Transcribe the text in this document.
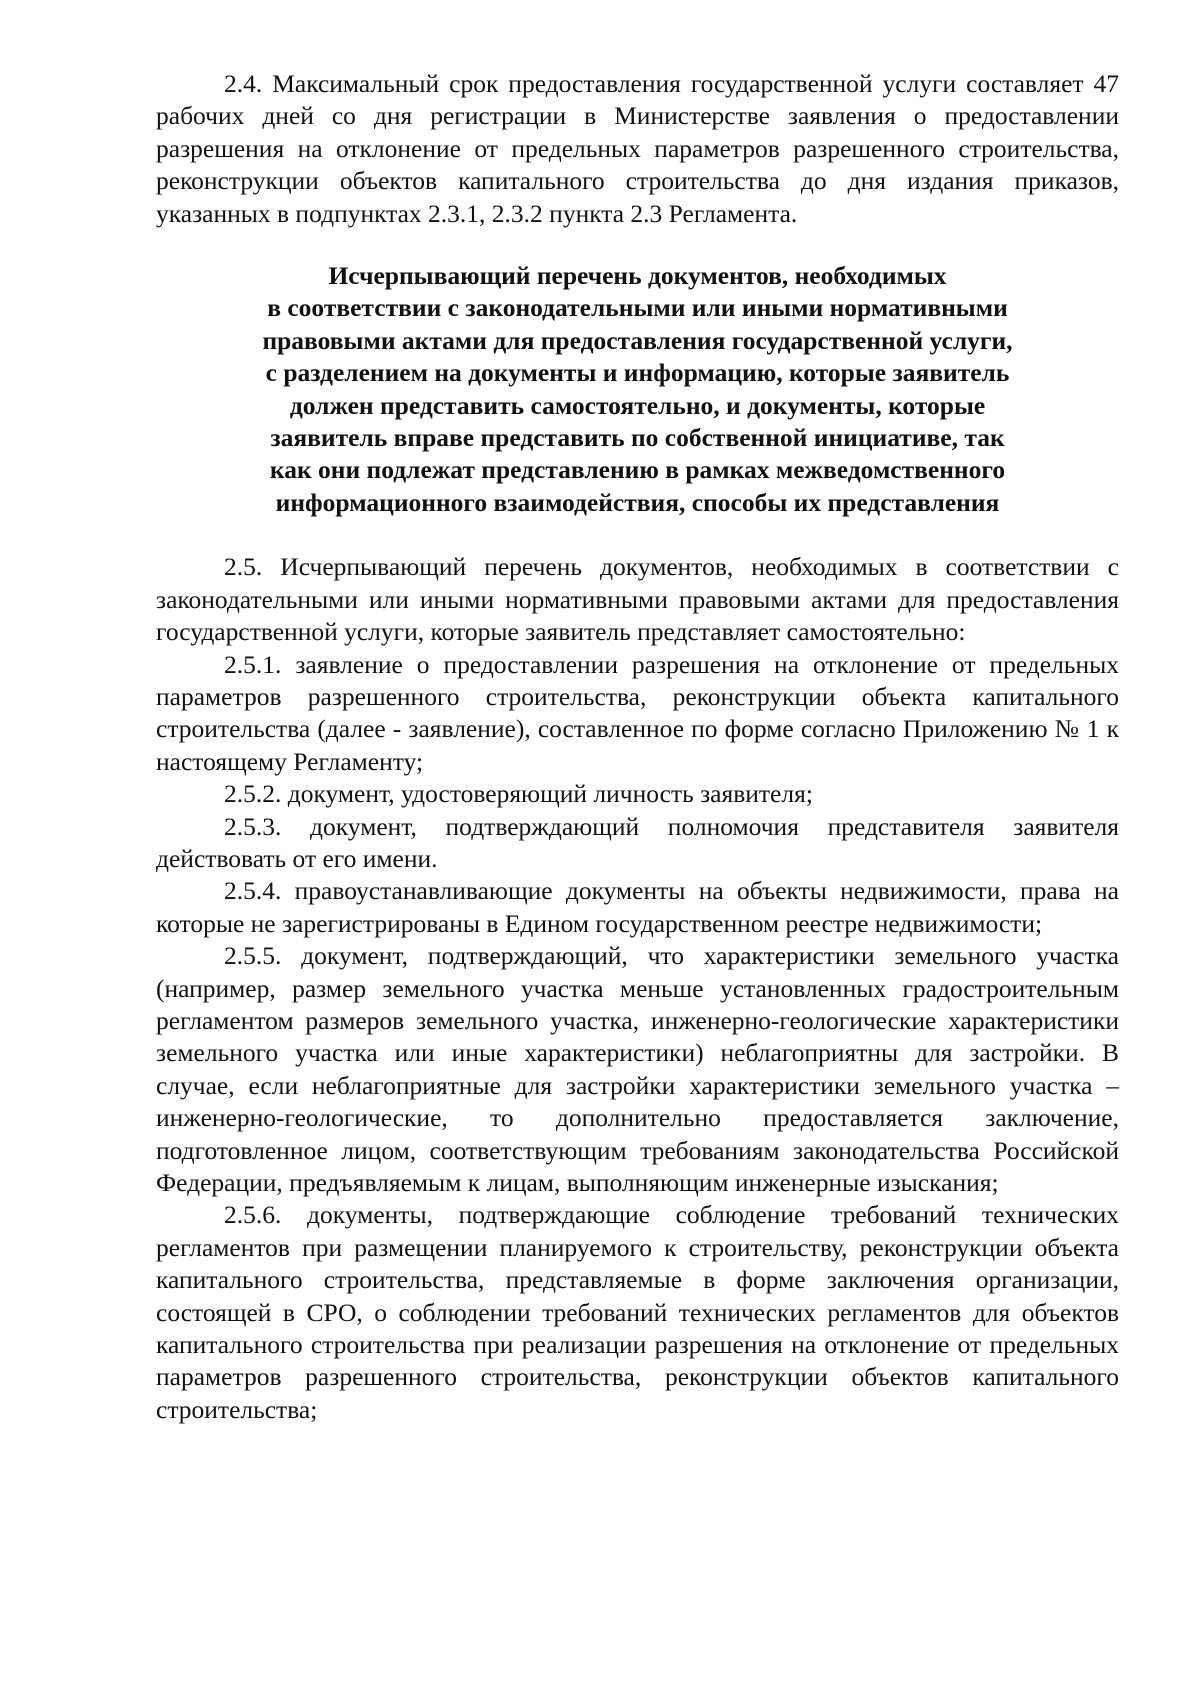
2.4. Максимальный срок предоставления государственной услуги составляет 47 рабочих дней со дня регистрации в Министерстве заявления о предоставлении разрешения на отклонение от предельных параметров разрешенного строительства, реконструкции объектов капитального строительства до дня издания приказов, указанных в подпунктах 2.3.1, 2.3.2 пункта 2.3 Регламента.

Исчерпывающий перечень документов, необходимых
в соответствии с законодательными или иными нормативными
правовыми актами для предоставления государственной услуги,
с разделением на документы и информацию, которые заявитель
должен представить самостоятельно, и документы, которые
заявитель вправе представить по собственной инициативе, так
как они подлежат представлению в рамках межведомственного
информационного взаимодействия, способы их представления

2.5. Исчерпывающий перечень документов, необходимых в соответствии с законодательными или иными нормативными правовыми актами для предоставления государственной услуги, которые заявитель представляет самостоятельно:

2.5.1. заявление о предоставлении разрешения на отклонение от предельных параметров разрешенного строительства, реконструкции объекта капитального строительства (далее - заявление), составленное по форме согласно Приложению № 1 к настоящему Регламенту;

2.5.2. документ, удостоверяющий личность заявителя;

2.5.3. документ, подтверждающий полномочия представителя заявителя действовать от его имени.

2.5.4. правоустанавливающие документы на объекты недвижимости, права на которые не зарегистрированы в Едином государственном реестре недвижимости;

2.5.5. документ, подтверждающий, что характеристики земельного участка (например, размер земельного участка меньше установленных градостроительным регламентом размеров земельного участка, инженерно-геологические характеристики земельного участка или иные характеристики) неблагоприятны для застройки. В случае, если неблагоприятные для застройки характеристики земельного участка – инженерно-геологические, то дополнительно предоставляется заключение, подготовленное лицом, соответствующим требованиям законодательства Российской Федерации, предъявляемым к лицам, выполняющим инженерные изыскания;

2.5.6. документы, подтверждающие соблюдение требований технических регламентов при размещении планируемого к строительству, реконструкции объекта капитального строительства, представляемые в форме заключения организации, состоящей в СРО, о соблюдении требований технических регламентов для объектов капитального строительства при реализации разрешения на отклонение от предельных параметров разрешенного строительства, реконструкции объектов капитального строительства;
